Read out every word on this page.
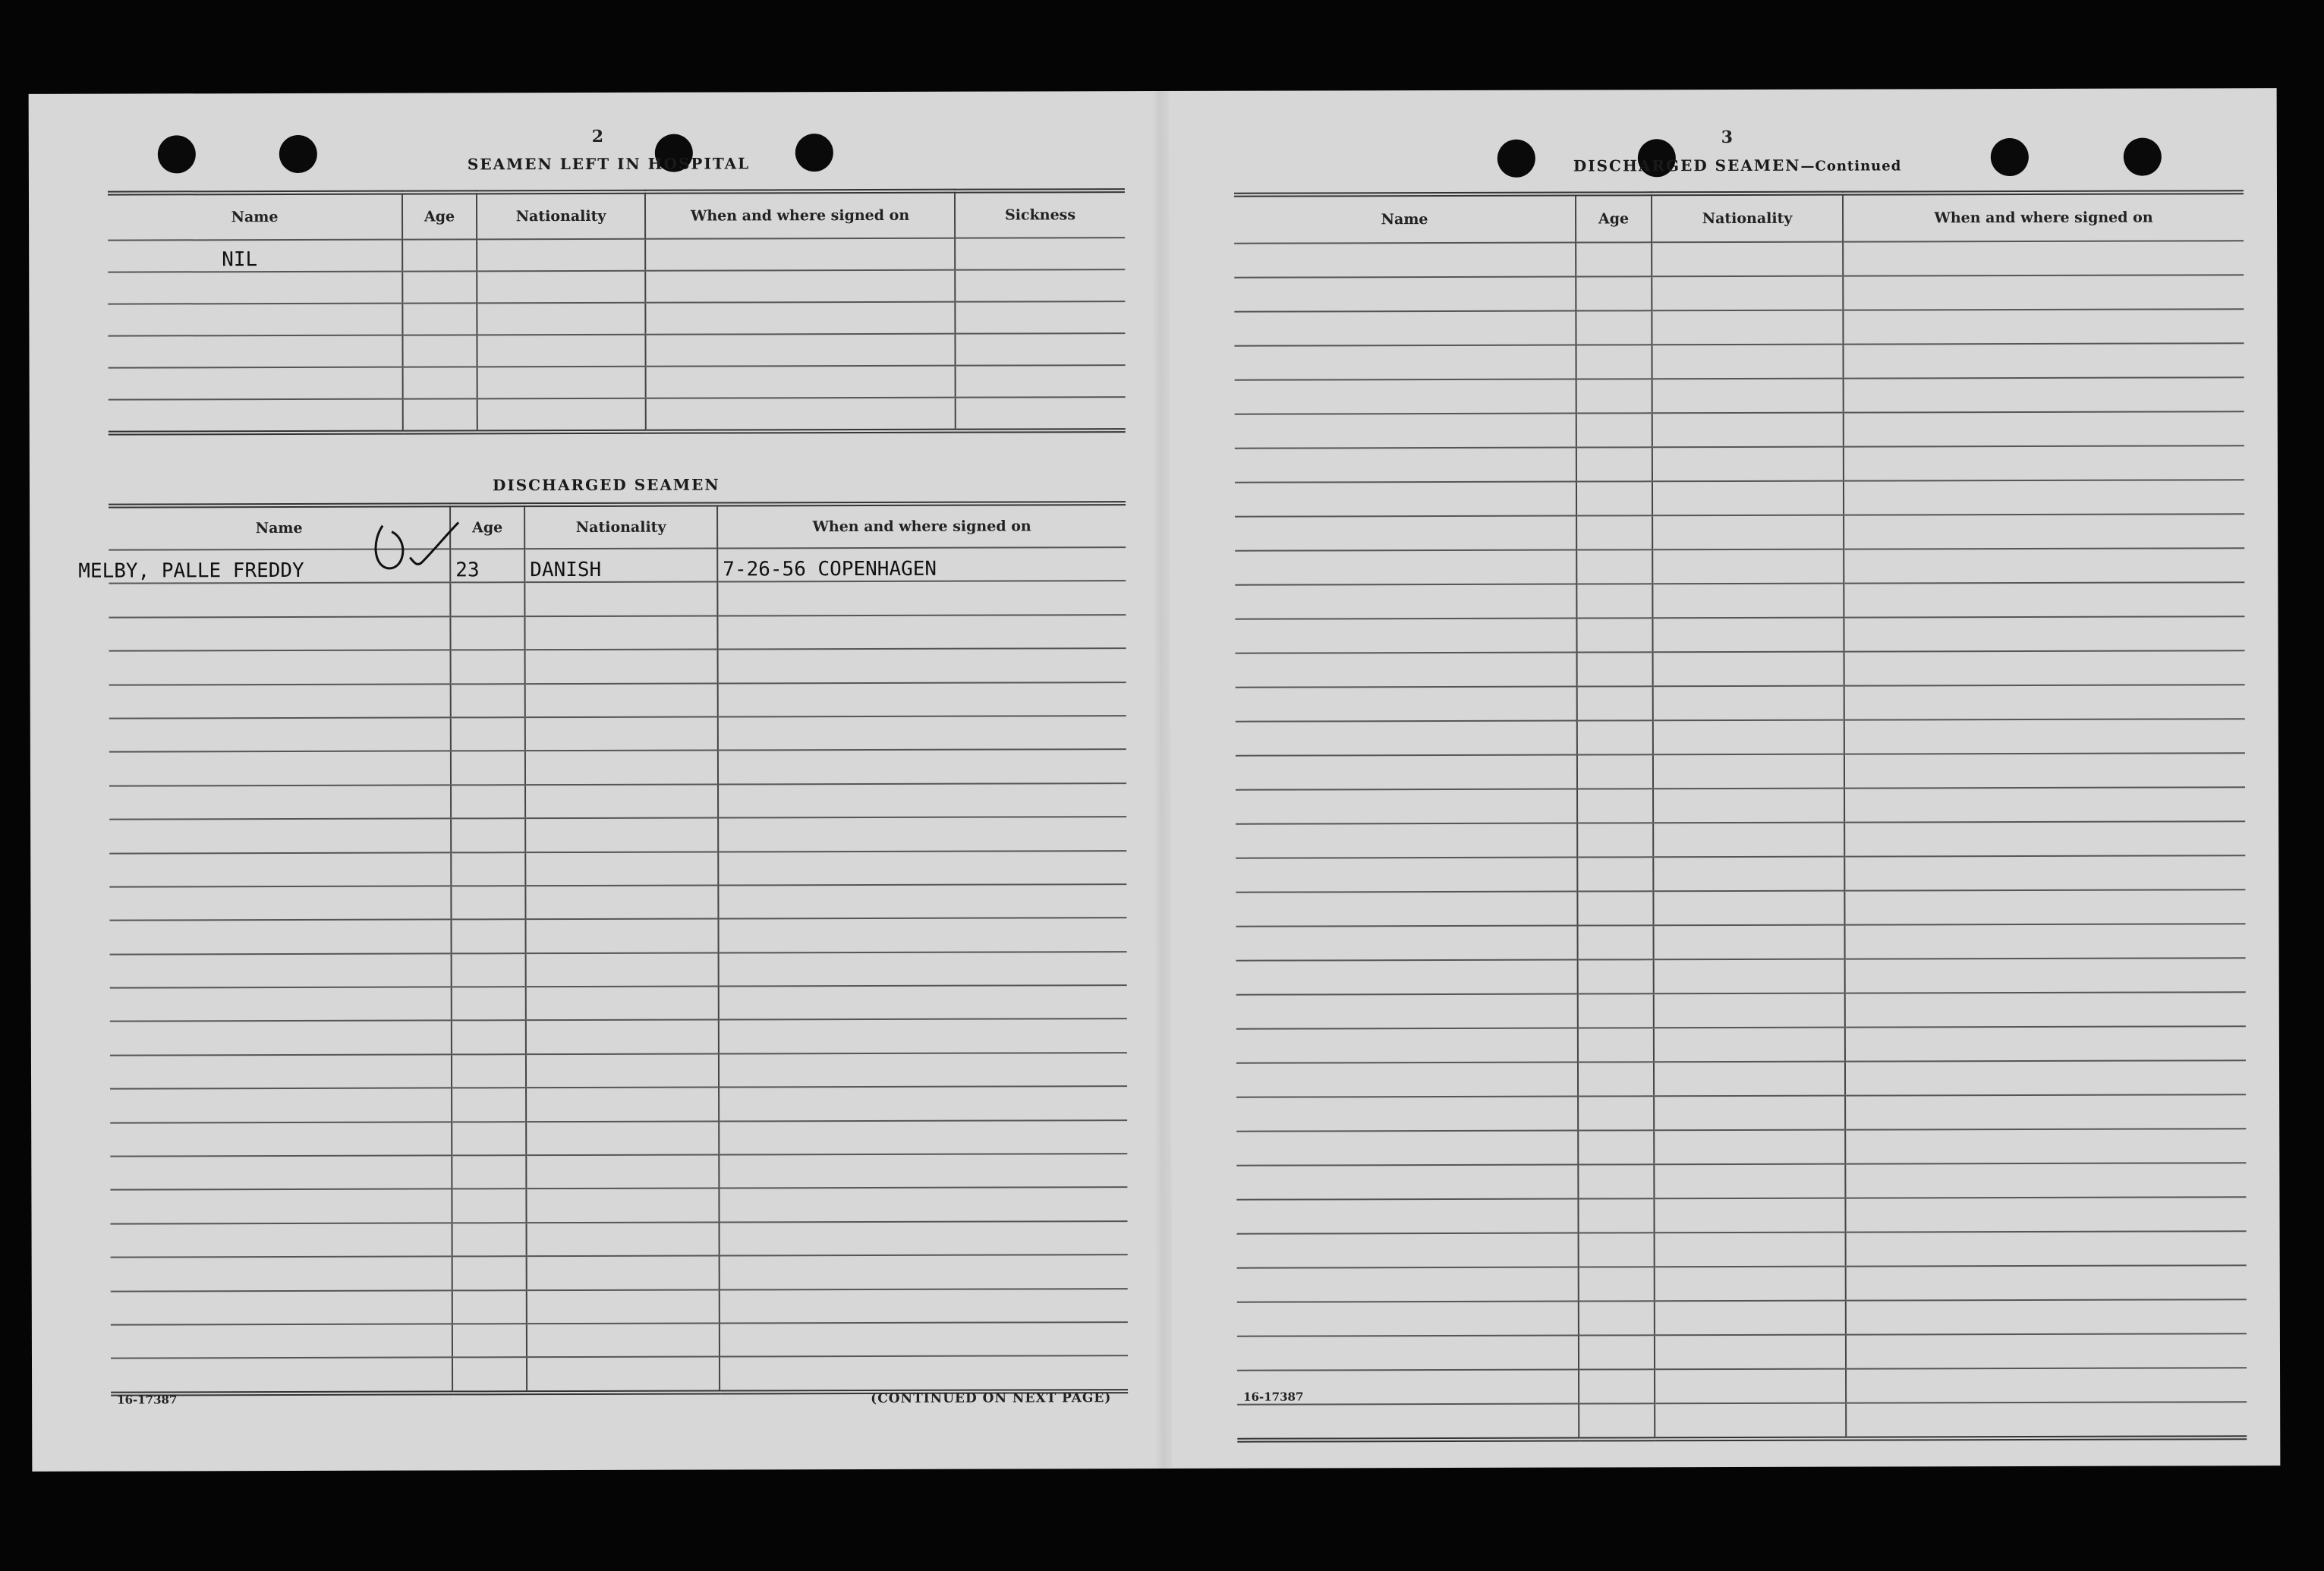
2
SEAMEN LEFT IN HOSPITAL
Name	Age	Nationality	When and where signed on	Sickness
NIL				

DISCHARGED SEAMEN
Name	Age	Nationality	When and where signed on
MELBY, PALLE FREDDY	23	DANISH	7-26-56 COPENHAGEN

16-17387	(CONTINUED ON NEXT PAGE)
3
DISCHARGED SEAMEN—Continued
Name	Age	Nationality	When and where signed on

16-17387
